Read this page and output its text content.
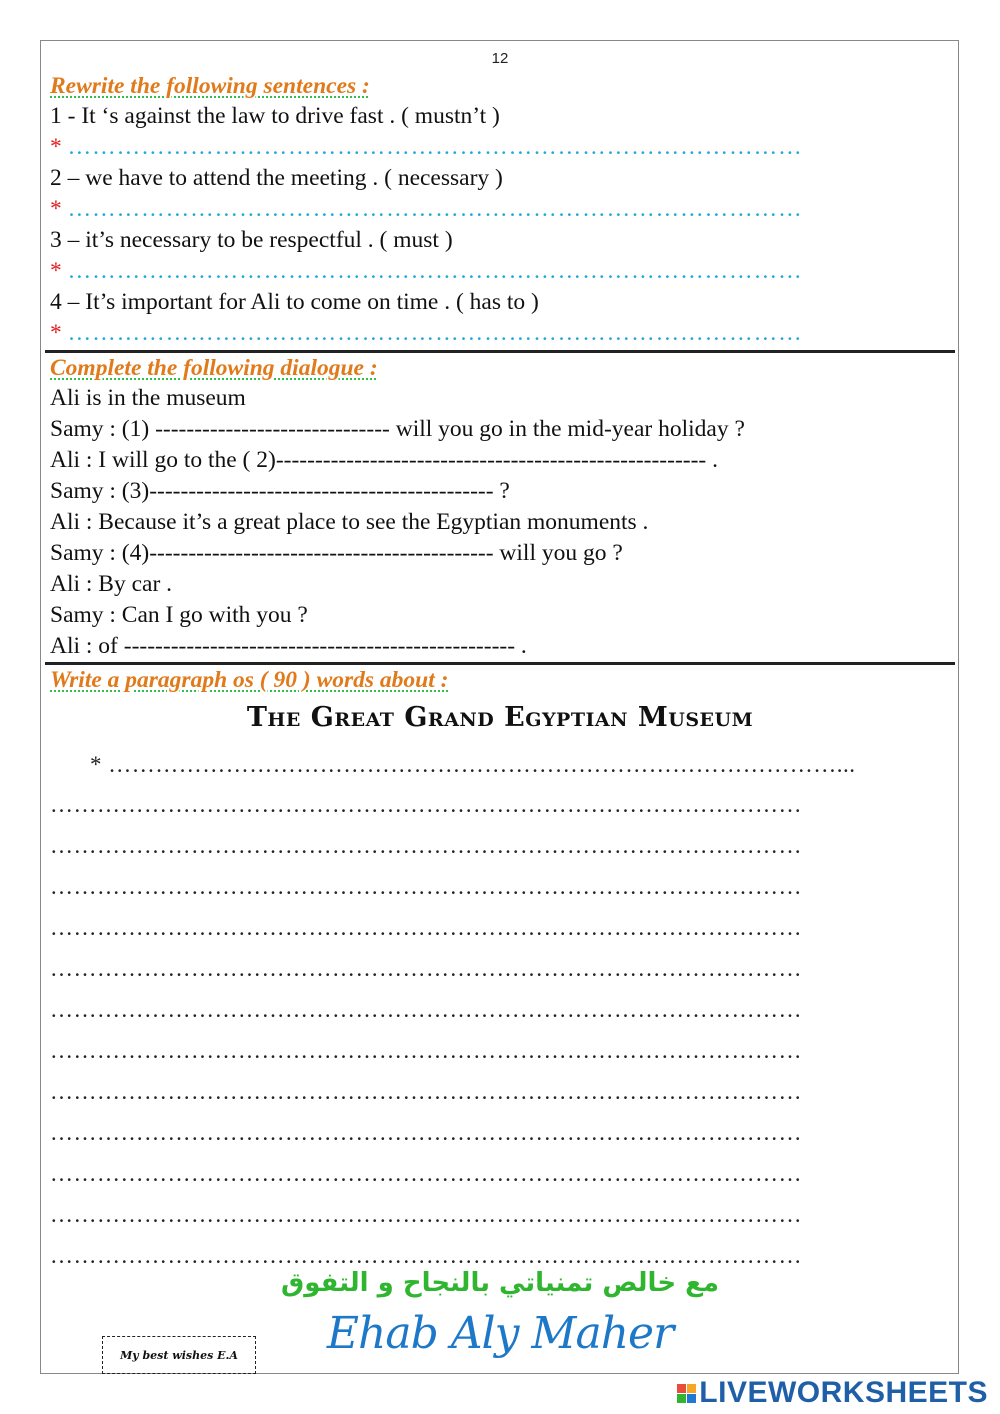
12
Rewrite the following sentences :
1 - It ‘s against the law to drive fast . ( mustn’t )
* ………………………………………………………………………………
2 – we have to attend the meeting . ( necessary )
* ………………………………………………………………………………
3 – it’s necessary to be respectful . ( must )
* ………………………………………………………………………………
4 – It’s important for Ali to come on time . ( has to )
* ………………………………………………………………………………
Complete the following dialogue :
Ali is in the museum
Samy : (1) ------------------------------ will you go in the mid-year holiday ?
Ali : I will go to the ( 2)------------------------------------------------------- .
Samy : (3)-------------------------------------------- ?
Ali : Because it’s a great place to see the Egyptian monuments .
Samy : (4)-------------------------------------------- will you go ?
Ali : By car .
Samy : Can I go with you ?
Ali : of -------------------------------------------------- .
Write a paragraph os ( 90 ) words about :
The Great Grand Egyptian Museum
* …………………………………………………………………………………...
……………………………………………………………………………………
……………………………………………………………………………………
……………………………………………………………………………………
……………………………………………………………………………………
……………………………………………………………………………………
……………………………………………………………………………………
……………………………………………………………………………………
……………………………………………………………………………………
……………………………………………………………………………………
……………………………………………………………………………………
……………………………………………………………………………………
……………………………………………………………………………………
مع خالص تمنياتي بالنجاح و التفوق
Ehab Aly Maher
My best wishes E.A
LIVEWORKSHEETS
